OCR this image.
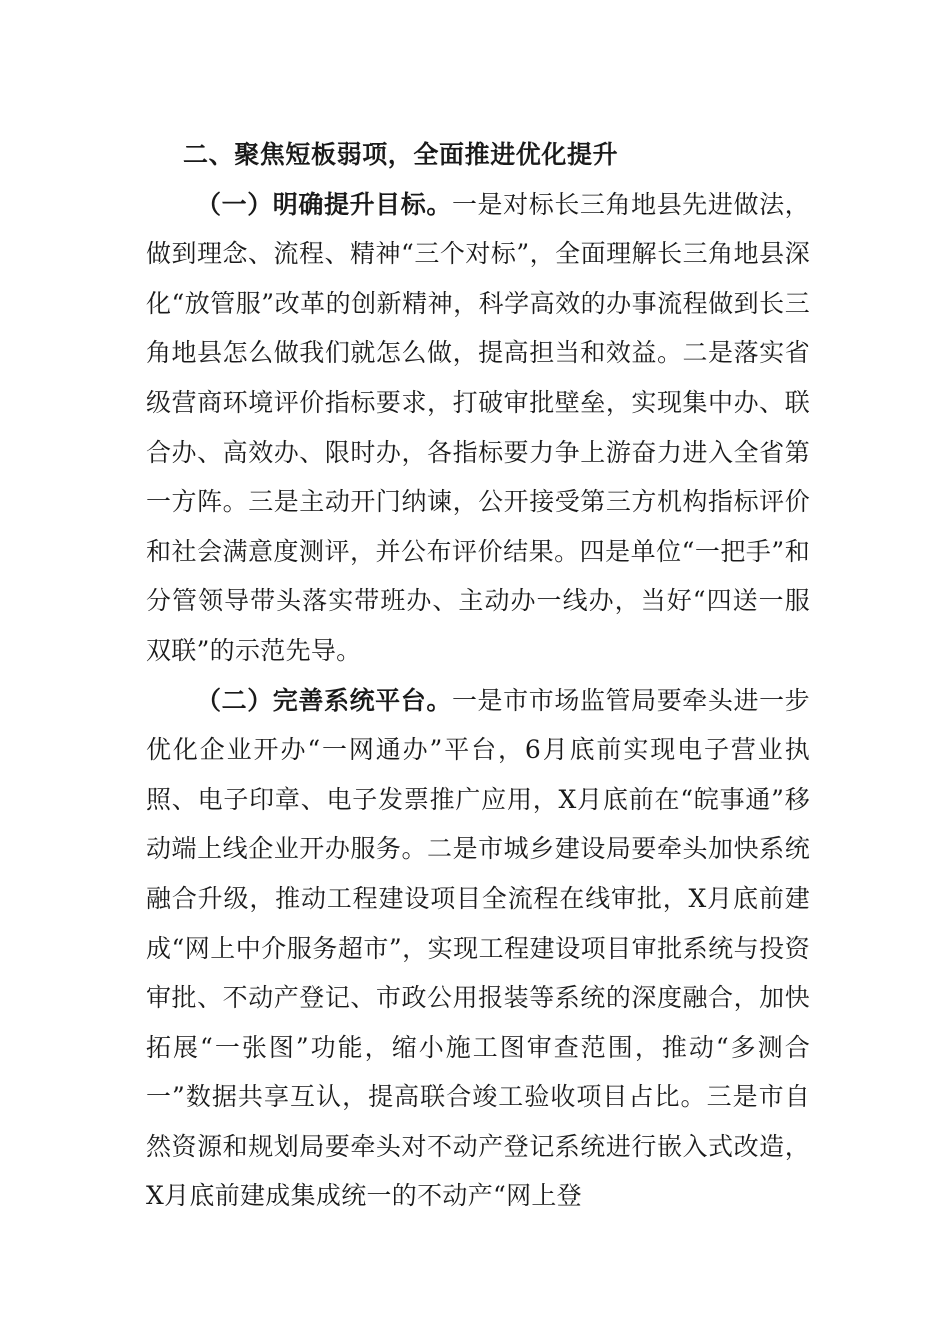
二、聚焦短板弱项，全面推进优化提升

（一）明确提升目标。一是对标长三角地县先进做法，做到理念、流程、精神“三个对标”，全面理解长三角地县深化“放管服”改革的创新精神，科学高效的办事流程做到长三角地县怎么做我们就怎么做，提高担当和效益。二是落实省级营商环境评价指标要求，打破审批壁垒，实现集中办、联合办、高效办、限时办，各指标要力争上游奋力进入全省第一方阵。三是主动开门纳谏，公开接受第三方机构指标评价和社会满意度测评，并公布评价结果。四是单位“一把手”和分管领导带头落实带班办、主动办一线办，当好“四送一服双联”的示范先导。

（二）完善系统平台。一是市市场监管局要牵头进一步优化企业开办“一网通办”平台，6月底前实现电子营业执照、电子印章、电子发票推广应用，X月底前在“皖事通”移动端上线企业开办服务。二是市城乡建设局要牵头加快系统融合升级，推动工程建设项目全流程在线审批，X月底前建成“网上中介服务超市”，实现工程建设项目审批系统与投资审批、不动产登记、市政公用报装等系统的深度融合，加快拓展“一张图”功能，缩小施工图审查范围，推动“多测合一”数据共享互认，提高联合竣工验收项目占比。三是市自然资源和规划局要牵头对不动产登记系统进行嵌入式改造，X月底前建成集成统一的不动产“网上登
